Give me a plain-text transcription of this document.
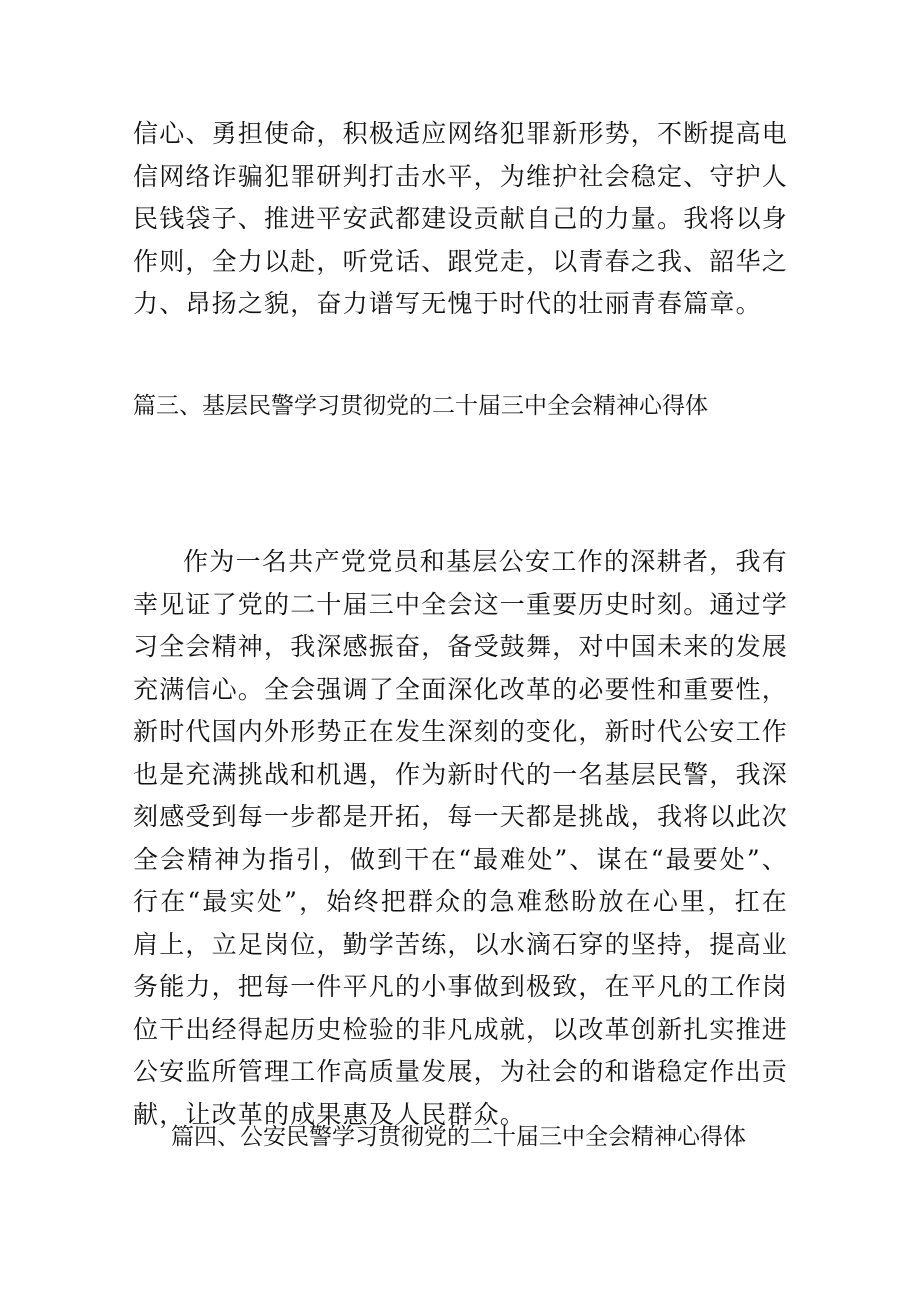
信心、勇担使命，积极适应网络犯罪新形势，不断提高电信网络诈骗犯罪研判打击水平，为维护社会稳定、守护人民钱袋子、推进平安武都建设贡献自己的力量。我将以身作则，全力以赴，听党话、跟党走，以青春之我、韶华之力、昂扬之貌，奋力谱写无愧于时代的壮丽青春篇章。

篇三、基层民警学习贯彻党的二十届三中全会精神心得体

作为一名共产党党员和基层公安工作的深耕者，我有幸见证了党的二十届三中全会这一重要历史时刻。通过学习全会精神，我深感振奋，备受鼓舞，对中国未来的发展充满信心。全会强调了全面深化改革的必要性和重要性，新时代国内外形势正在发生深刻的变化，新时代公安工作也是充满挑战和机遇，作为新时代的一名基层民警，我深刻感受到每一步都是开拓，每一天都是挑战，我将以此次全会精神为指引，做到干在“最难处”、谋在“最要处”、行在“最实处”，始终把群众的急难愁盼放在心里，扛在肩上，立足岗位，勤学苦练，以水滴石穿的坚持，提高业务能力，把每一件平凡的小事做到极致，在平凡的工作岗位干出经得起历史检验的非凡成就，以改革创新扎实推进公安监所管理工作高质量发展，为社会的和谐稳定作出贡献，让改革的成果惠及人民群众。

篇四、公安民警学习贯彻党的二十届三中全会精神心得体
